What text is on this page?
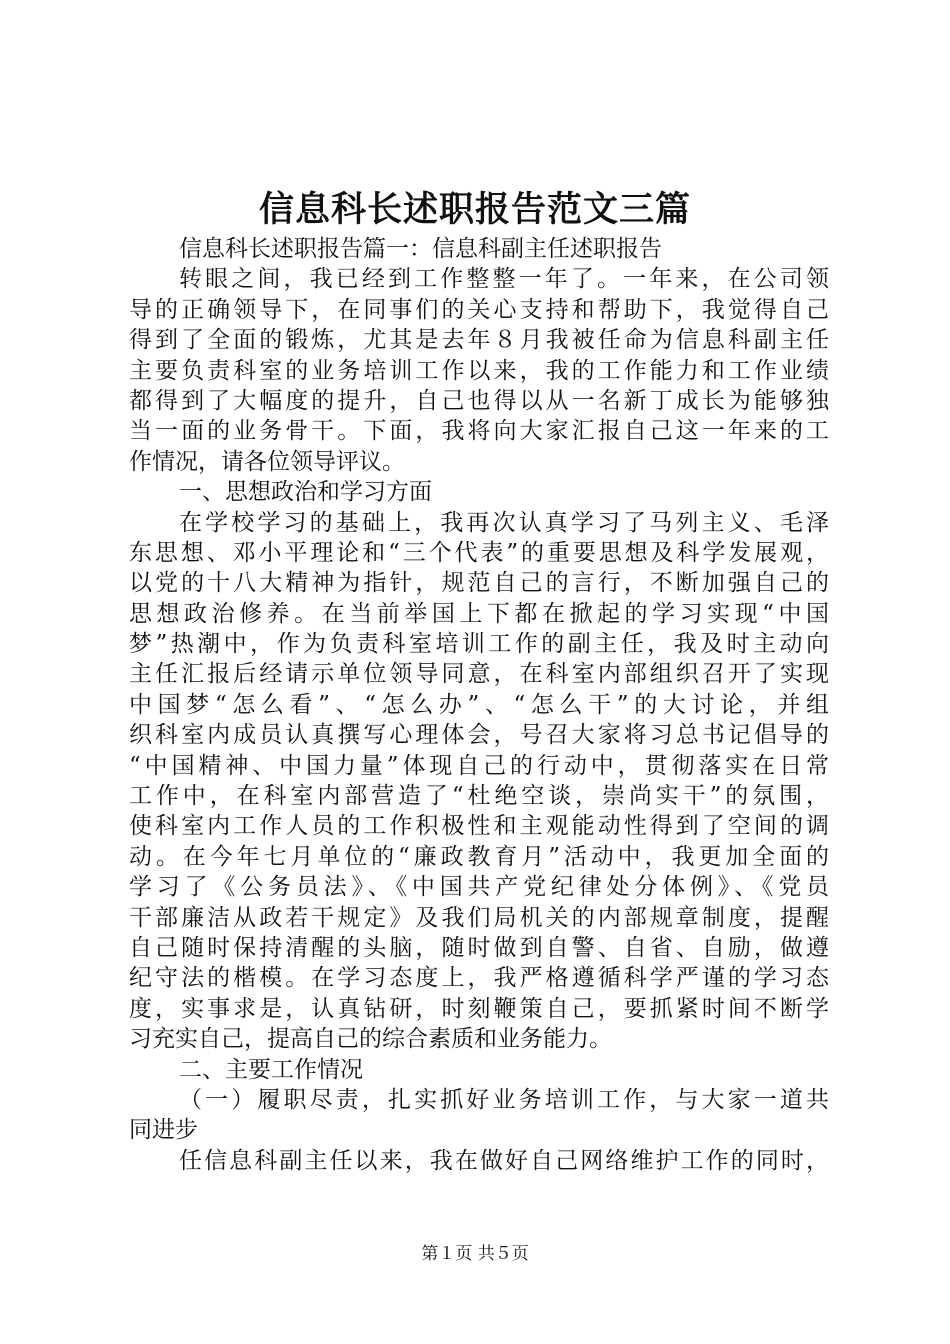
信息科长述职报告范文三篇
信息科长述职报告篇一：信息科副主任述职报告
转眼之间，我已经到工作整整一年了。一年来，在公司领
导的正确领导下，在同事们的关心支持和帮助下，我觉得自己
得到了全面的锻炼，尤其是去年８月我被任命为信息科副主任
主要负责科室的业务培训工作以来，我的工作能力和工作业绩
都得到了大幅度的提升，自己也得以从一名新丁成长为能够独
当一面的业务骨干。下面，我将向大家汇报自己这一年来的工
作情况，请各位领导评议。
一、思想政治和学习方面
在学校学习的基础上，我再次认真学习了马列主义、毛泽
东思想、邓小平理论和“三个代表”的重要思想及科学发展观，
以党的十八大精神为指针，规范自己的言行，不断加强自己的
思想政治修养。在当前举国上下都在掀起的学习实现“中国
梦”热潮中，作为负责科室培训工作的副主任，我及时主动向
主任汇报后经请示单位领导同意，在科室内部组织召开了实现
中国梦“怎么看”、“怎么办”、“怎么干”的大讨论，并组
织科室内成员认真撰写心理体会，号召大家将习总书记倡导的
“中国精神、中国力量”体现自己的行动中，贯彻落实在日常
工作中，在科室内部营造了“杜绝空谈，崇尚实干”的氛围，
使科室内工作人员的工作积极性和主观能动性得到了空间的调
动。在今年七月单位的“廉政教育月”活动中，我更加全面的
学习了《公务员法》、《中国共产党纪律处分体例》、《党员
干部廉洁从政若干规定》及我们局机关的内部规章制度，提醒
自己随时保持清醒的头脑，随时做到自警、自省、自励，做遵
纪守法的楷模。在学习态度上，我严格遵循科学严谨的学习态
度，实事求是，认真钻研，时刻鞭策自己，要抓紧时间不断学
习充实自己，提高自己的综合素质和业务能力。
二、主要工作情况
（一）履职尽责，扎实抓好业务培训工作，与大家一道共
同进步
任信息科副主任以来，我在做好自己网络维护工作的同时，
第１页 共５页
